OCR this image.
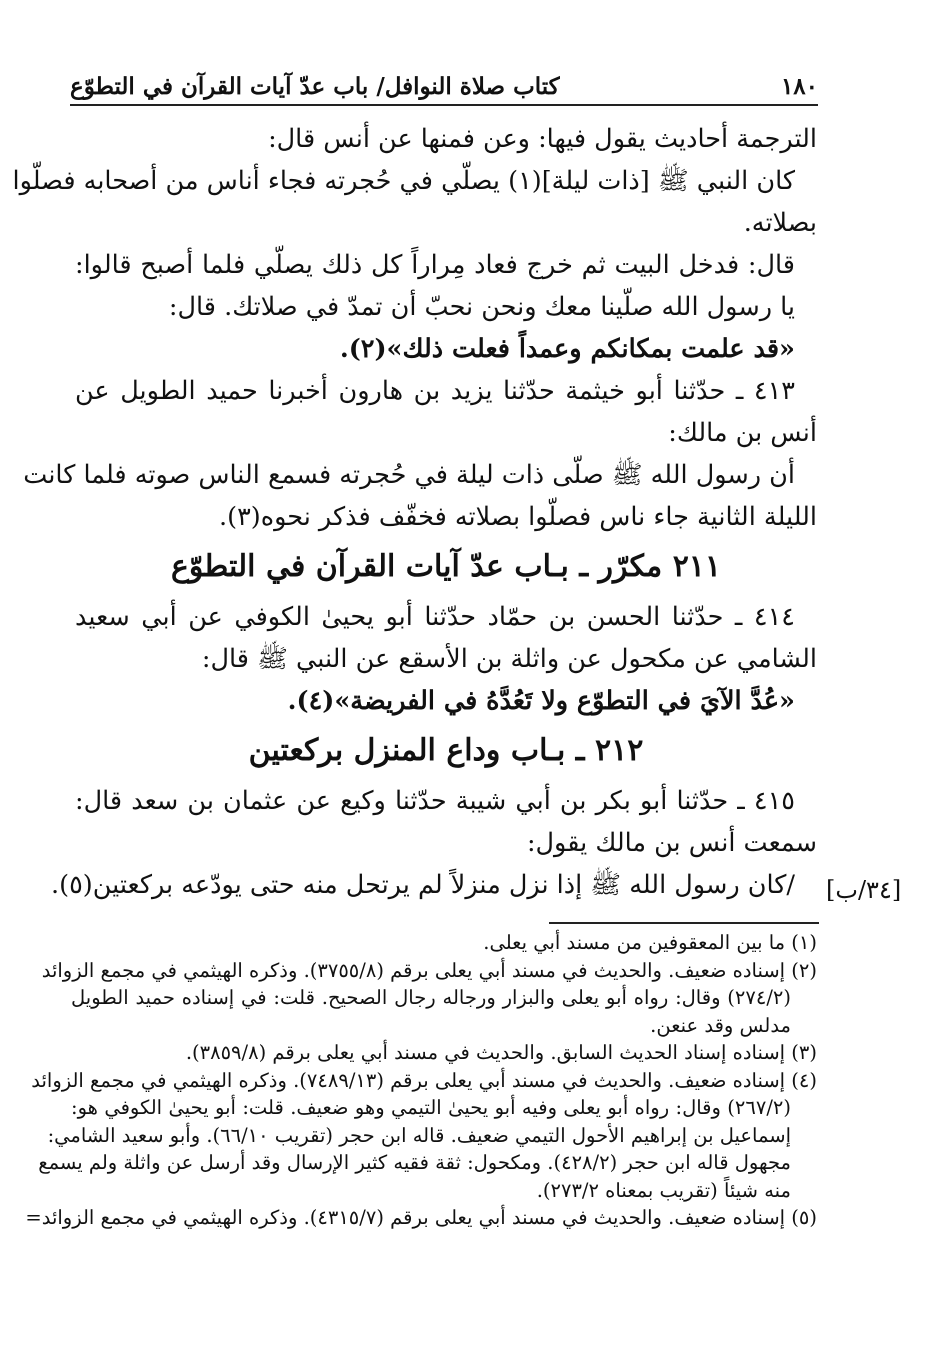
١٨٠
كتاب صلاة النوافل/ باب عدّ آيات القرآن في التطوّع
الترجمة أحاديث يقول فيها: وعن فمنها عن أنس قال:
كان النبي ﷺ [ذات ليلة](١) يصلّي في حُجرته فجاء أناس من أصحابه فصلّوا
بصلاته.
قال: فدخل البيت ثم خرج فعاد مِراراً كل ذلك يصلّي فلما أصبح قالوا:
يا رسول الله صلّينا معك ونحن نحبّ أن تمدّ في صلاتك. قال:
«قد علمت بمكانكم وعمداً فعلت ذلك»(٢).
٤١٣ ـ حدّثنا أبو خيثمة حدّثنا يزيد بن هارون أخبرنا حميد الطويل عن
أنس بن مالك:
أن رسول الله ﷺ صلّى ذات ليلة في حُجرته فسمع الناس صوته فلما كانت
الليلة الثانية جاء ناس فصلّوا بصلاته فخفّف فذكر نحوه(٣).
٢١١ مكرّر ـ بـاب عدّ آيات القرآن في التطوّع
٤١٤ ـ حدّثنا الحسن بن حمّاد حدّثنا أبو يحيىٰ الكوفي عن أبي سعيد
الشامي عن مكحول عن واثلة بن الأسقع عن النبي ﷺ قال:
«عُدَّ الآيَ في التطوّع ولا تَعُدَّهُ في الفريضة»(٤).
٢١٢ ـ بـاب وداع المنزل بركعتين
٤١٥ ـ حدّثنا أبو بكر بن أبي شيبة حدّثنا وكيع عن عثمان بن سعد قال:
سمعت أنس بن مالك يقول:
/كان رسول الله ﷺ إذا نزل منزلاً لم يرتحل منه حتى يودّعه بركعتين(٥).	[٣٤/ب]
(١) ما بين المعقوفين من مسند أبي يعلى.
(٢) إسناده ضعيف. والحديث في مسند أبي يعلى برقم (٣٧٥٥/٨). وذكره الهيثمي في مجمع الزوائد
(٢٧٤/٢) وقال: رواه أبو يعلى والبزار ورجاله رجال الصحيح. قلت: في إسناده حميد الطويل
مدلس وقد عنعن.
(٣) إسناده إسناد الحديث السابق. والحديث في مسند أبي يعلى برقم (٣٨٥٩/٨).
(٤) إسناده ضعيف. والحديث في مسند أبي يعلى برقم (٧٤٨٩/١٣). وذكره الهيثمي في مجمع الزوائد
(٢٦٧/٢) وقال: رواه أبو يعلى وفيه أبو يحيىٰ التيمي وهو ضعيف. قلت: أبو يحيىٰ الكوفي هو:
إسماعيل بن إبراهيم الأحول التيمي ضعيف. قاله ابن حجر (تقريب ٦٦/١٠). وأبو سعيد الشامي:
مجهول قاله ابن حجر (٤٢٨/٢). ومكحول: ثقة فقيه كثير الإرسال وقد أرسل عن واثلة ولم يسمع
منه شيئاً (تقريب بمعناه ٢٧٣/٢).
(٥) إسناده ضعيف. والحديث في مسند أبي يعلى برقم (٤٣١٥/٧). وذكره الهيثمي في مجمع الزوائد=
